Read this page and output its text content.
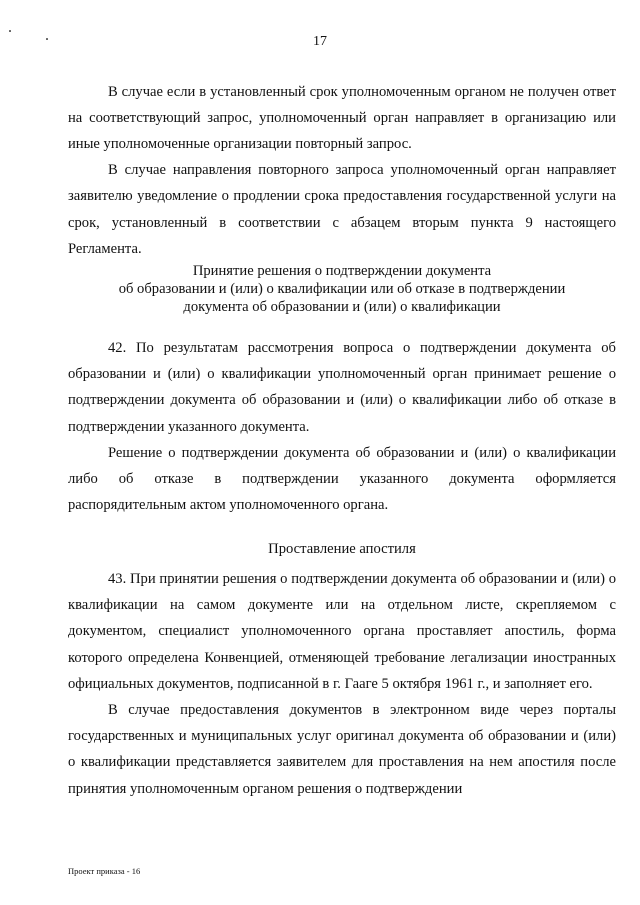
17

В случае если в установленный срок уполномоченным органом не получен ответ на соответствующий запрос, уполномоченный орган направляет в организацию или иные уполномоченные организации повторный запрос.

В случае направления повторного запроса уполномоченный орган направляет заявителю уведомление о продлении срока предоставления государственной услуги на срок, установленный в соответствии с абзацем вторым пункта 9 настоящего Регламента.

Принятие решения о подтверждении документа
об образовании и (или) о квалификации или об отказе в подтверждении
документа об образовании и (или) о квалификации

42. По результатам рассмотрения вопроса о подтверждении документа об образовании и (или) о квалификации уполномоченный орган принимает решение о подтверждении документа об образовании и (или) о квалификации либо об отказе в подтверждении указанного документа.

Решение о подтверждении документа об образовании и (или) о квалификации либо об отказе в подтверждении указанного документа оформляется распорядительным актом уполномоченного органа.

Проставление апостиля

43. При принятии решения о подтверждении документа об образовании и (или) о квалификации на самом документе или на отдельном листе, скрепляемом с документом, специалист уполномоченного органа проставляет апостиль, форма которого определена Конвенцией, отменяющей требование легализации иностранных официальных документов, подписанной в г. Гааге 5 октября 1961 г., и заполняет его.

В случае предоставления документов в электронном виде через порталы государственных и муниципальных услуг оригинал документа об образовании и (или) о квалификации представляется заявителем для проставления на нем апостиля после принятия уполномоченным органом решения о подтверждении

Проект приказа - 16
